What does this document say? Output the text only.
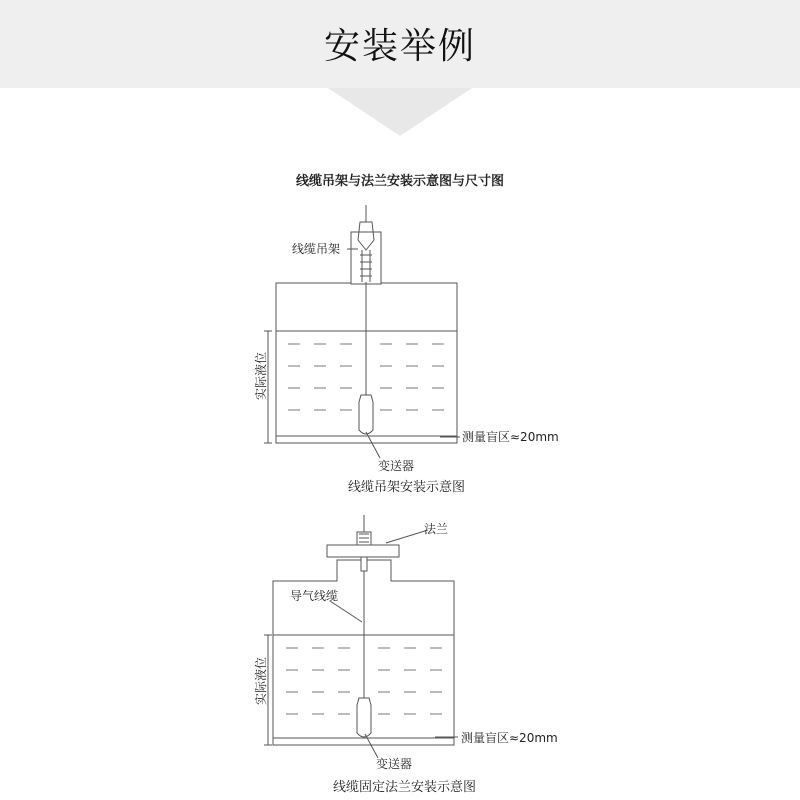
安装举例
线缆吊架与法兰安装示意图与尺寸图
线缆吊架
实际液位
测量盲区≈20mm
变送器
线缆吊架安装示意图
法兰
导气线缆
实际液位
测量盲区≈20mm
变送器
线缆固定法兰安装示意图
